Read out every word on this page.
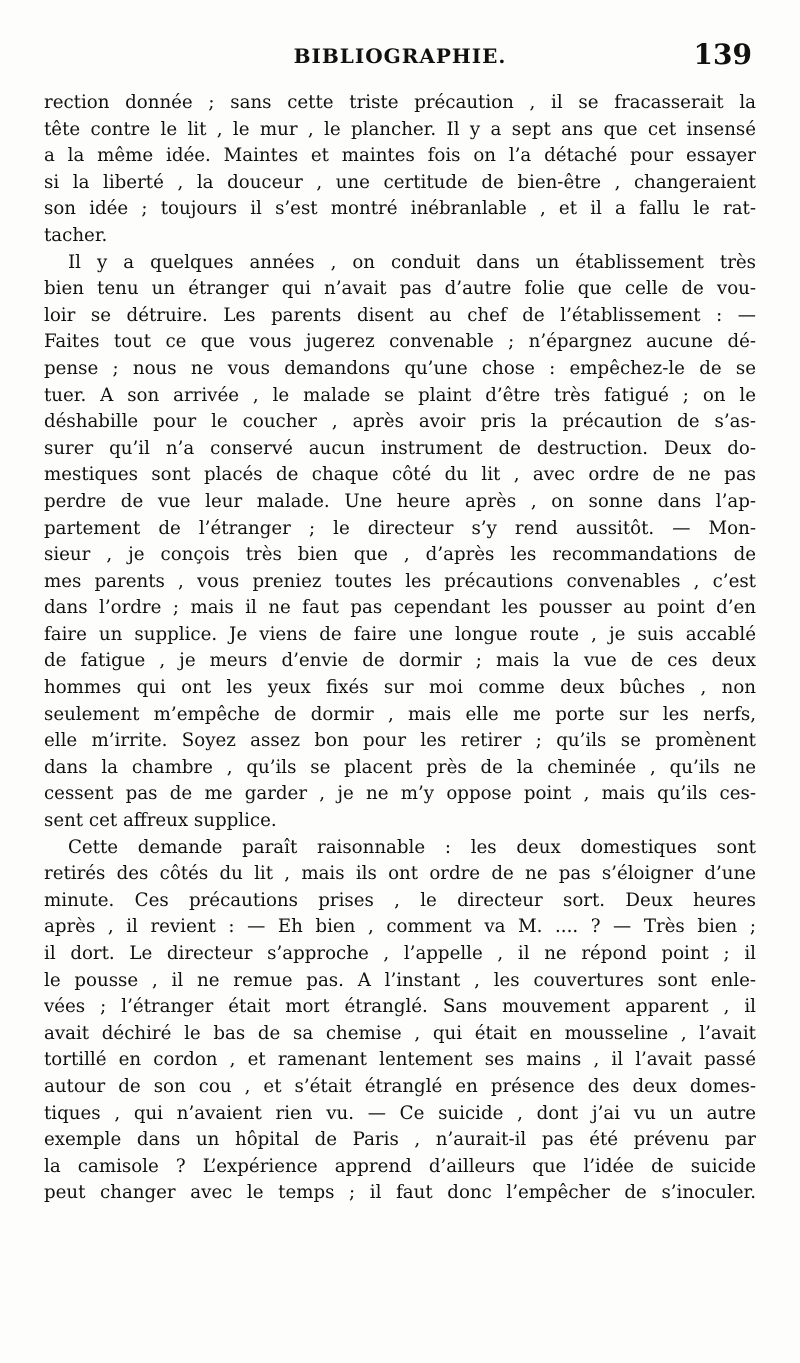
BIBLIOGRAPHIE.	139
rection donnée ; sans cette triste précaution , il se fracasserait la
tête contre le lit , le mur , le plancher. Il y a sept ans que cet insensé
a la même idée. Maintes et maintes fois on l’a détaché pour essayer
si la liberté , la douceur , une certitude de bien-être , changeraient
son idée ; toujours il s’est montré inébranlable , et il a fallu le rat-
tacher.
Il y a quelques années , on conduit dans un établissement très
bien tenu un étranger qui n’avait pas d’autre folie que celle de vou-
loir se détruire. Les parents disent au chef de l’établissement : —
Faites tout ce que vous jugerez convenable ; n’épargnez aucune dé-
pense ; nous ne vous demandons qu’une chose : empêchez-le de se
tuer. A son arrivée , le malade se plaint d’être très fatigué ; on le
déshabille pour le coucher , après avoir pris la précaution de s’as-
surer qu’il n’a conservé aucun instrument de destruction. Deux do-
mestiques sont placés de chaque côté du lit , avec ordre de ne pas
perdre de vue leur malade. Une heure après , on sonne dans l’ap-
partement de l’étranger ; le directeur s’y rend aussitôt. — Mon-
sieur , je conçois très bien que , d’après les recommandations de
mes parents , vous preniez toutes les précautions convenables , c’est
dans l’ordre ; mais il ne faut pas cependant les pousser au point d’en
faire un supplice. Je viens de faire une longue route , je suis accablé
de fatigue , je meurs d’envie de dormir ; mais la vue de ces deux
hommes qui ont les yeux fixés sur moi comme deux bûches , non
seulement m’empêche de dormir , mais elle me porte sur les nerfs,
elle m’irrite. Soyez assez bon pour les retirer ; qu’ils se promènent
dans la chambre , qu’ils se placent près de la cheminée , qu’ils ne
cessent pas de me garder , je ne m’y oppose point , mais qu’ils ces-
sent cet affreux supplice.
Cette demande paraît raisonnable : les deux domestiques sont
retirés des côtés du lit , mais ils ont ordre de ne pas s’éloigner d’une
minute. Ces précautions prises , le directeur sort. Deux heures
après , il revient : — Eh bien , comment va M. .... ? — Très bien ;
il dort. Le directeur s’approche , l’appelle , il ne répond point ; il
le pousse , il ne remue pas. A l’instant , les couvertures sont enle-
vées ; l’étranger était mort étranglé. Sans mouvement apparent , il
avait déchiré le bas de sa chemise , qui était en mousseline , l’avait
tortillé en cordon , et ramenant lentement ses mains , il l’avait passé
autour de son cou , et s’était étranglé en présence des deux domes-
tiques , qui n’avaient rien vu. — Ce suicide , dont j’ai vu un autre
exemple dans un hôpital de Paris , n’aurait-il pas été prévenu par
la camisole ? L’expérience apprend d’ailleurs que l’idée de suicide
peut changer avec le temps ; il faut donc l’empêcher de s’inoculer.
